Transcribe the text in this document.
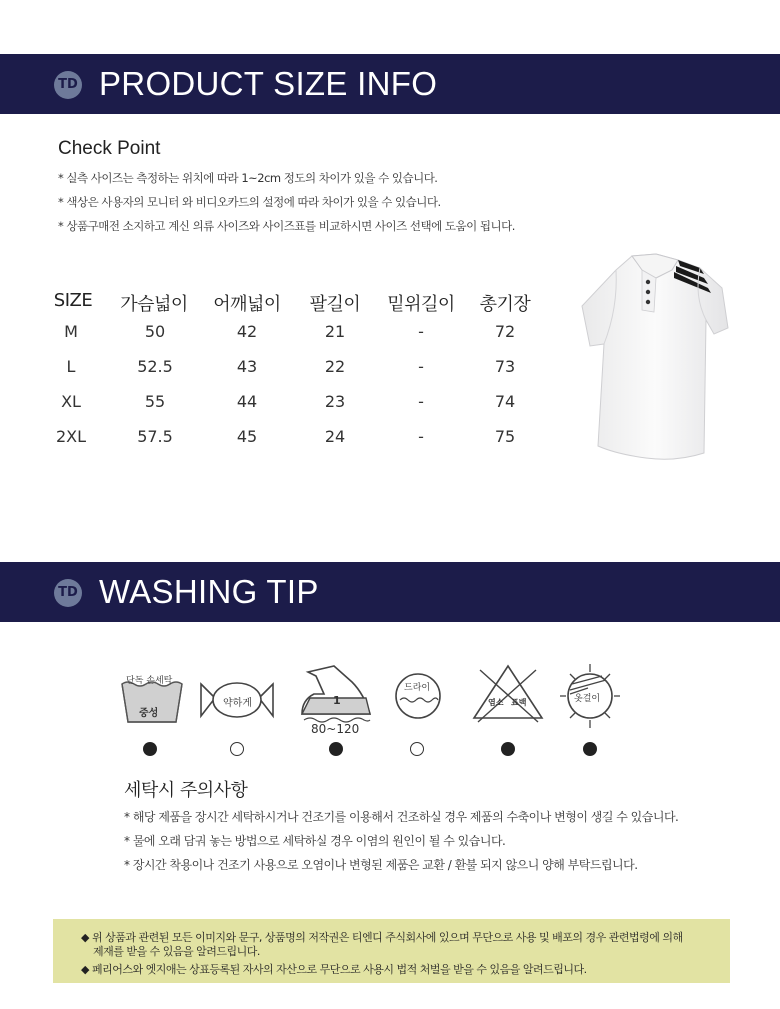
TD PRODUCT SIZE INFO
Check Point
* 실측 사이즈는 측정하는 위치에 따라 1~2cm 정도의 차이가 있을 수 있습니다.
* 색상은 사용자의 모니터 와 비디오카드의 설정에 따라 차이가 있을 수 있습니다.
* 상품구매전 소지하고 계신 의류 사이즈와 사이즈표를 비교하시면 사이즈 선택에 도움이 됩니다.
SIZE	가슴넓이	어깨넓이	팔길이	밑위길이	총기장
M	50	42	21	-	72
L	52.5	43	22	-	73
XL	55	44	23	-	74
2XL	57.5	45	24	-	75
TD WASHING TIP
단독 손세탁
중성
약하게	1
80~120
드라이
염소 표백	옷걸이
세탁시 주의사항
* 해당 제품을 장시간 세탁하시거나 건조기를 이용해서 건조하실 경우 제품의 수축이나 변형이 생길 수 있습니다.
* 물에 오래 담궈 놓는 방법으로 세탁하실 경우 이염의 원인이 될 수 있습니다.
* 장시간 착용이나 건조기 사용으로 오염이나 변형된 제품은 교환 / 환불 되지 않으니 양해 부탁드립니다.
◆ 위 상품과 관련된 모든 이미지와 문구, 상품명의 저작권은 티엔디 주식회사에 있으며 무단으로 사용 및 배포의 경우 관련법령에 의해
제재를 받을 수 있음을 알려드립니다.
◆ 페리어스와 엣지애는 상표등록된 자사의 자산으로 무단으로 사용시 법적 처벌을 받을 수 있음을 알려드립니다.
